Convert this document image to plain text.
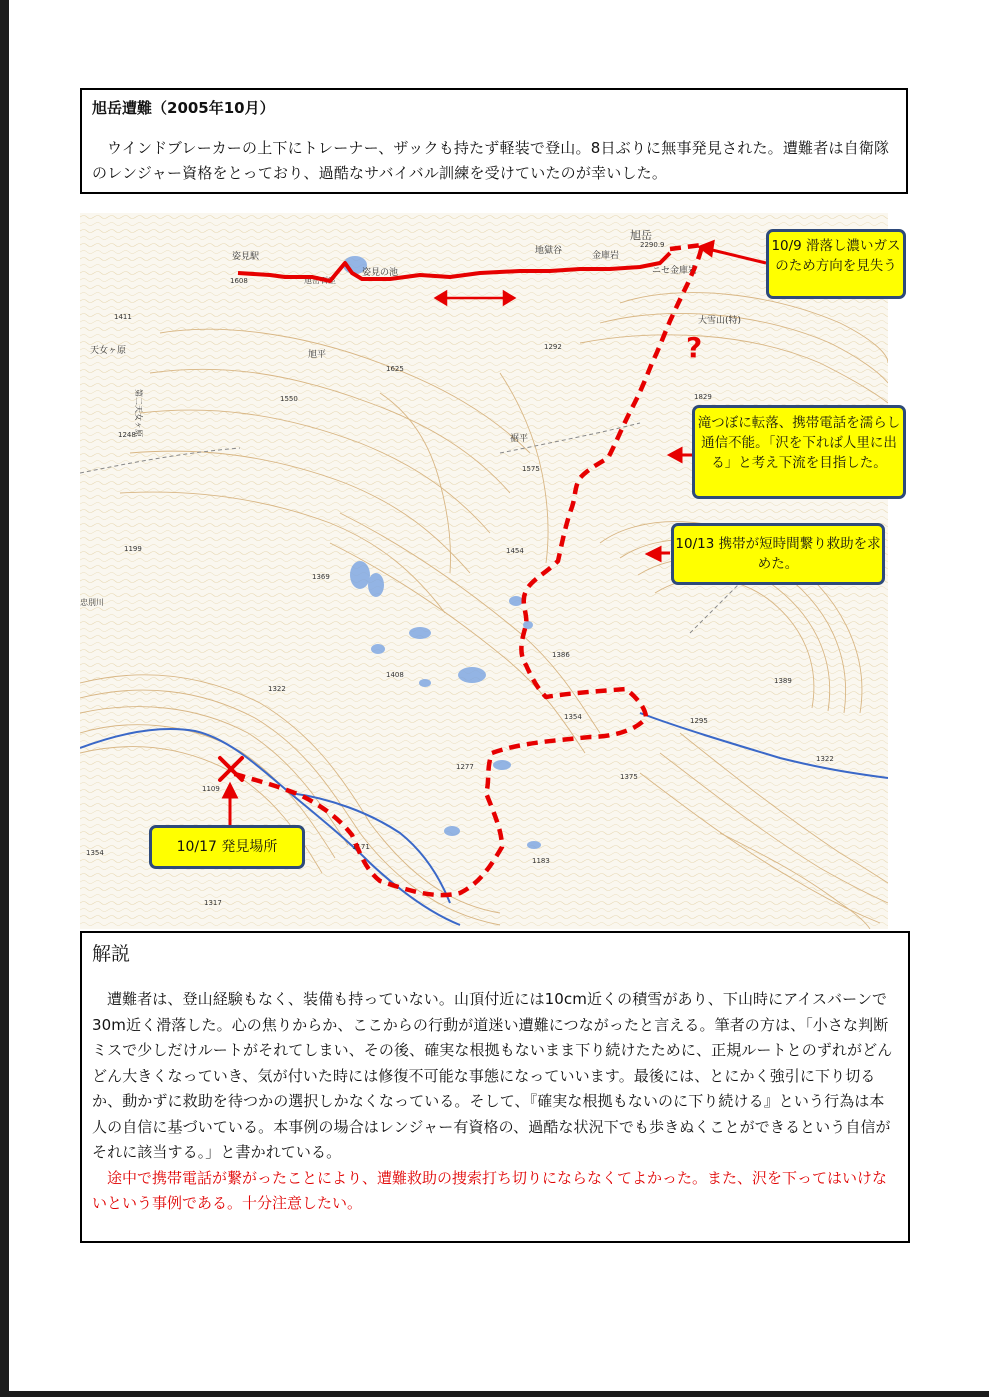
旭岳遭難（2005年10月）
ウインドブレーカーの上下にトレーナー、ザックも持たず軽装で登山。8日ぶりに無事発見された。遭難者は自衛隊のレンジャー資格をとっており、過酷なサバイバル訓練を受けていたのが幸いした。
旭岳
姿見駅
姿見の池
地獄谷	金庫岩
ニセ金庫岩
大雪山(特)
天女ヶ原
第二天女ヶ原
旭平
裾平
旭岳石室
忠別川
2290.9
1608
1411
1292
1550
1625
1829
1248
1575
1454
1199
1369
1386
1408
1322
1354
1389
1295
1277
1375
1322
1109
1354
1171
1317
1183
?
10/9 滑落し濃いガスのため方向を見失う
滝つぼに転落、携帯電話を濡らし通信不能。「沢を下れば人里に出る」と考え下流を目指した。
10/13 携帯が短時間繋り救助を求めた。
10/17 発見場所
解説
遭難者は、登山経験もなく、装備も持っていない。山頂付近には10cm近くの積雪があり、下山時にアイスバーンで30m近く滑落した。心の焦りからか、ここからの行動が道迷い遭難につながったと言える。筆者の方は、「小さな判断ミスで少しだけルートがそれてしまい、その後、確実な根拠もないまま下り続けたために、正規ルートとのずれがどんどん大きくなっていき、気が付いた時には修復不可能な事態になっていいます。最後には、とにかく強引に下り切るか、動かずに救助を待つかの選択しかなくなっている。そして、『確実な根拠もないのに下り続ける』という行為は本人の自信に基づいている。本事例の場合はレンジャー有資格の、過酷な状況下でも歩きぬくことができるという自信がそれに該当する。」と書かれている。
途中で携帯電話が繋がったことにより、遭難救助の捜索打ち切りにならなくてよかった。また、沢を下ってはいけないという事例である。十分注意したい。
